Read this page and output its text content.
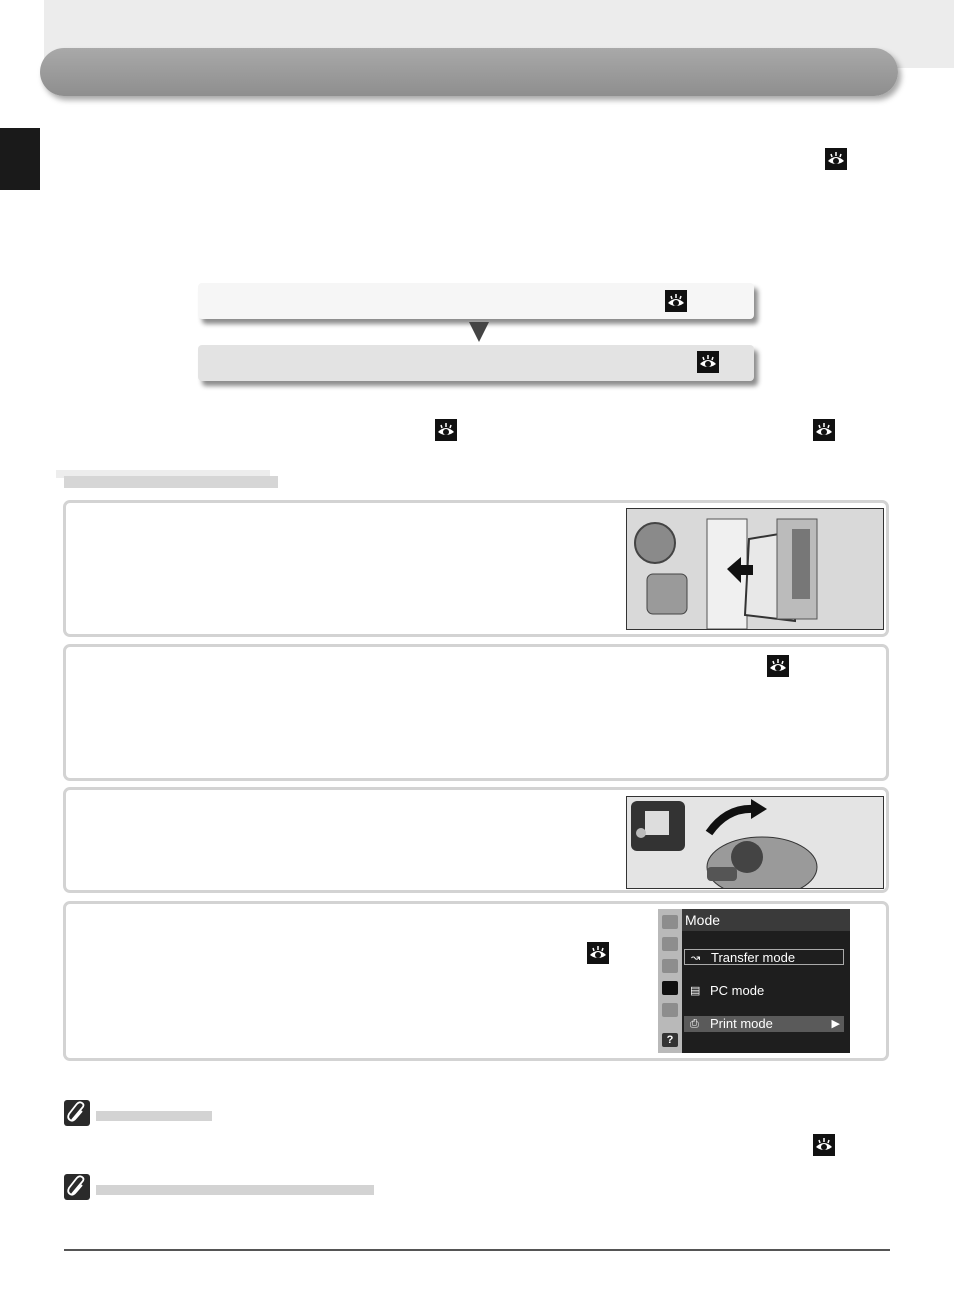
?
Mode
↝ Transfer mode
▤ PC mode
⎙ Print mode	▶
